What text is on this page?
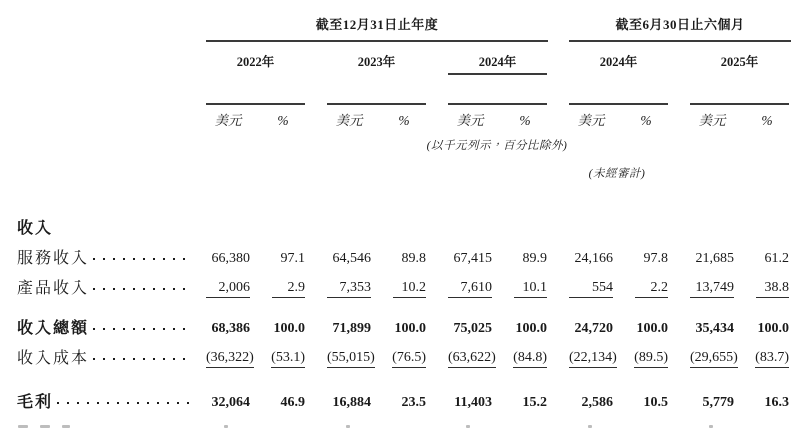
截至12月31日止年度	截至6月30日止六個月
2022年	2023年	2024年	2024年	2025年
美元	%	美元	%	美元	%	美元	%	美元	%
(以千元列示，百分比除外)
(未經審計)
收入
服務收入	66,380	97.1	64,546	89.8	67,415	89.9	24,166	97.8	21,685	61.2
產品收入	2,006	2.9	7,353	10.2	7,610	10.1	554	2.2	13,749	38.8
收入總額	68,386	100.0	71,899	100.0	75,025	100.0	24,720	100.0	35,434	100.0
收入成本	(36,322)	(53.1) (55,015)	(76.5) (63,622)	(84.8) (22,134)	(89.5) (29,655)	(83.7)
毛利	32,064	46.9	16,884	23.5	11,403	15.2	2,586	10.5	5,779	16.3
